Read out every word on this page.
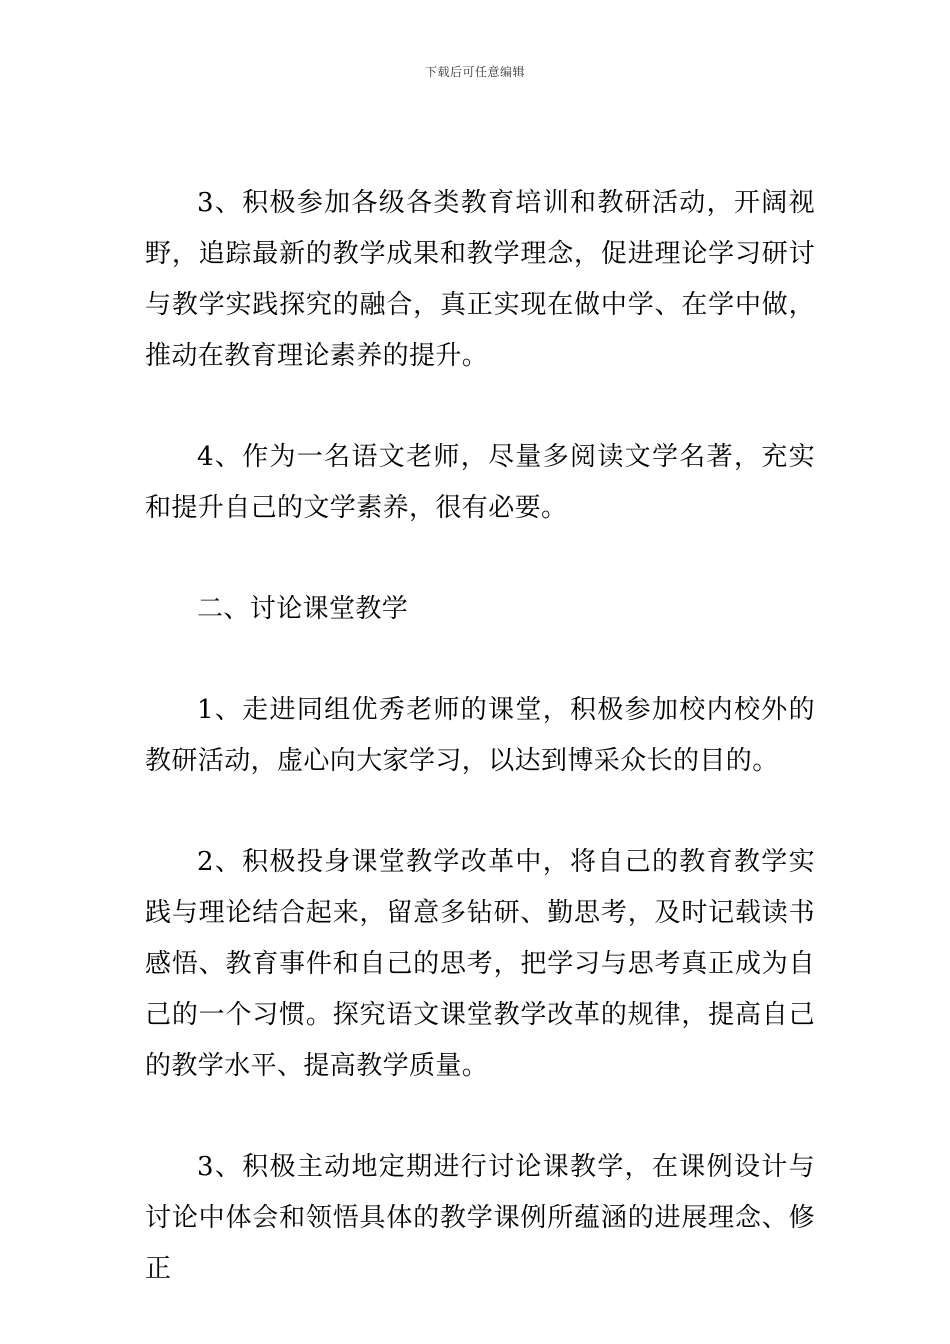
下载后可任意编辑

3、积极参加各级各类教育培训和教研活动，开阔视野，追踪最新的教学成果和教学理念，促进理论学习研讨与教学实践探究的融合，真正实现在做中学、在学中做，推动在教育理论素养的提升。

4、作为一名语文老师，尽量多阅读文学名著，充实和提升自己的文学素养，很有必要。

二、讨论课堂教学

1、走进同组优秀老师的课堂，积极参加校内校外的教研活动，虚心向大家学习，以达到博采众长的目的。

2、积极投身课堂教学改革中，将自己的教育教学实践与理论结合起来，留意多钻研、勤思考，及时记载读书感悟、教育事件和自己的思考，把学习与思考真正成为自己的一个习惯。探究语文课堂教学改革的规律，提高自己的教学水平、提高教学质量。

3、积极主动地定期进行讨论课教学，在课例设计与讨论中体会和领悟具体的教学课例所蕴涵的进展理念、修正
